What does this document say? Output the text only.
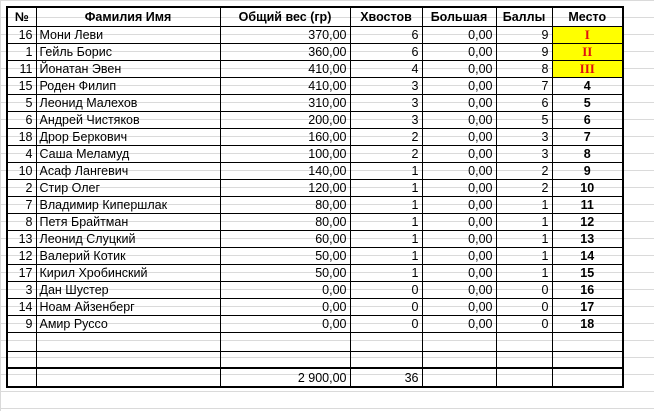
№	Фамилия Имя	Общий вес (гр)	Хвостов	Большая	Баллы	Место
16	Мони Леви	370,00	6	0,00	9	I
1	Гейль Борис	360,00	6	0,00	9	II
11	Йонатан Эвен	410,00	4	0,00	8	III
15	Роден Филип	410,00	3	0,00	7	4
5	Леонид Малехов	310,00	3	0,00	6	5
6	Андрей Чистяков	200,00	3	0,00	5	6
18	Дрор Беркович	160,00	2	0,00	3	7
4	Саша Меламуд	100,00	2	0,00	3	8
10	Асаф Лангевич	140,00	1	0,00	2	9
2	Стир Олег	120,00	1	0,00	2	10
7	Владимир Кипершлак	80,00	1	0,00	1	11
8	Петя Брайтман	80,00	1	0,00	1	12
13	Леонид Слуцкий	60,00	1	0,00	1	13
12	Валерий Котик	50,00	1	0,00	1	14
17	Кирил Хробинский	50,00	1	0,00	1	15
3	Дан Шустер	0,00	0	0,00	0	16
14	Ноам Айзенберг	0,00	0	0,00	0	17
9	Амир Руссо	0,00	0	0,00	0	18

		2 900,00	36			
